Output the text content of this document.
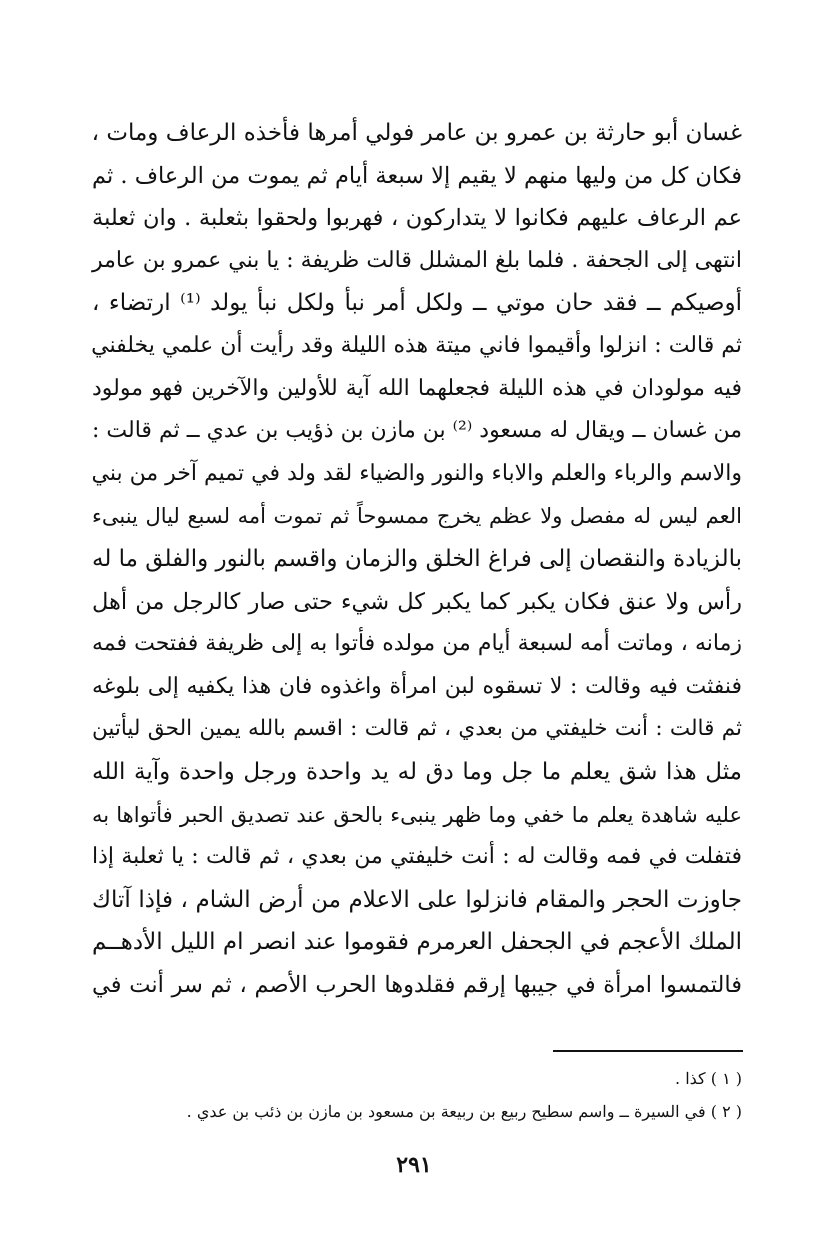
غسان أبو حارثة بن عمرو بن عامر فولي أمرها فأخذه الرعاف ومات ،
فكان كل من وليها منهم لا يقيم إلا سبعة أيام ثم يموت من الرعاف . ثم
عم الرعاف عليهم فكانوا لا يتداركون ، فهربوا ولحقوا بثعلبة . وان ثعلبة
انتهى إلى الجحفة . فلما بلغ المشلل قالت ظريفة : يا بني عمرو بن عامر
أوصيكم ــ فقد حان موتي ــ ولكل أمر نبأ ولكل نبأ يولد ⁽¹⁾ ارتضاء ،
ثم قالت : انزلوا وأقيموا فاني ميتة هذه الليلة وقد رأيت أن علمي يخلفني
فيه مولودان في هذه الليلة فجعلهما الله آية للأولين والآخرين فهو مولود
من غسان ــ ويقال له مسعود ⁽²⁾ بن مازن بن ذؤيب بن عدي ــ ثم قالت :
والاسم والرباء والعلم والاباء والنور والضياء لقد ولد في تميم آخر من بني
العم ليس له مفصل ولا عظم يخرج ممسوحاً ثم تموت أمه لسبع ليال ينبىء
بالزيادة والنقصان إلى فراغ الخلق والزمان واقسم بالنور والفلق ما له
رأس ولا عنق فكان يكبر كما يكبر كل شيء حتى صار كالرجل من أهل
زمانه ، وماتت أمه لسبعة أيام من مولده فأتوا به إلى ظريفة ففتحت فمه
فنفثت فيه وقالت : لا تسقوه لبن امرأة واغذوه فان هذا يكفيه إلى بلوغه
ثم قالت : أنت خليفتي من بعدي ، ثم قالت : اقسم بالله يمين الحق ليأتين
مثل هذا شق يعلم ما جل وما دق له يد واحدة ورجل واحدة وآية الله
عليه شاهدة يعلم ما خفي وما ظهر ينبىء بالحق عند تصديق الحبر فأتواها به
فتفلت في فمه وقالت له : أنت خليفتي من بعدي ، ثم قالت : يا ثعلبة إذا
جاوزت الحجر والمقام فانزلوا على الاعلام من أرض الشام ، فإذا آتاك
الملك الأعجم في الجحفل العرمرم فقوموا عند انصر ام الليل الأدهــم
فالتمسوا امرأة في جيبها إرقم فقلدوها الحرب الأصم ، ثم سر أنت في
( ١ ) كذا .
( ٢ ) في السيرة ــ واسم سطيح ربيع بن ربيعة بن مسعود بن مازن بن ذئب بن عدي .
٢٩١
